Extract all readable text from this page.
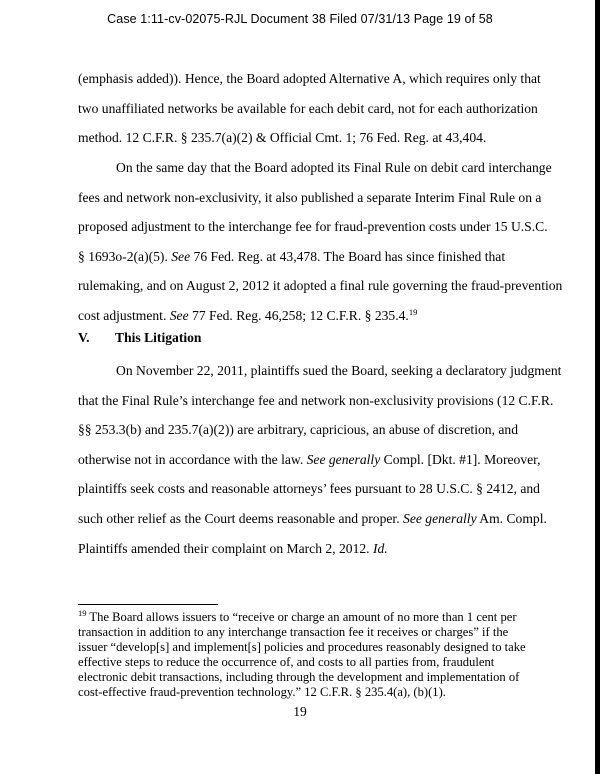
Case 1:11-cv-02075-RJL Document 38 Filed 07/31/13 Page 19 of 58
(emphasis added)). Hence, the Board adopted Alternative A, which requires only that
two unaffiliated networks be available for each debit card, not for each authorization
method. 12 C.F.R. § 235.7(a)(2) & Official Cmt. 1; 76 Fed. Reg. at 43,404.
On the same day that the Board adopted its Final Rule on debit card interchange
fees and network non-exclusivity, it also published a separate Interim Final Rule on a
proposed adjustment to the interchange fee for fraud-prevention costs under 15 U.S.C.
§ 1693o-2(a)(5). See 76 Fed. Reg. at 43,478. The Board has since finished that
rulemaking, and on August 2, 2012 it adopted a final rule governing the fraud-prevention
cost adjustment. See 77 Fed. Reg. 46,258; 12 C.F.R. § 235.4.19
V. This Litigation
On November 22, 2011, plaintiffs sued the Board, seeking a declaratory judgment
that the Final Rule’s interchange fee and network non-exclusivity provisions (12 C.F.R.
§§ 253.3(b) and 235.7(a)(2)) are arbitrary, capricious, an abuse of discretion, and
otherwise not in accordance with the law. See generally Compl. [Dkt. #1]. Moreover,
plaintiffs seek costs and reasonable attorneys’ fees pursuant to 28 U.S.C. § 2412, and
such other relief as the Court deems reasonable and proper. See generally Am. Compl.
Plaintiffs amended their complaint on March 2, 2012. Id.
$^{19}$ The Board allows issuers to “receive or charge an amount of no more than 1 cent per
transaction in addition to any interchange transaction fee it receives or charges” if the
issuer “develop[s] and implement[s] policies and procedures reasonably designed to take
effective steps to reduce the occurrence of, and costs to all parties from, fraudulent
electronic debit transactions, including through the development and implementation of
cost-effective fraud-prevention technology.” 12 C.F.R. § 235.4(a), (b)(1).
19
